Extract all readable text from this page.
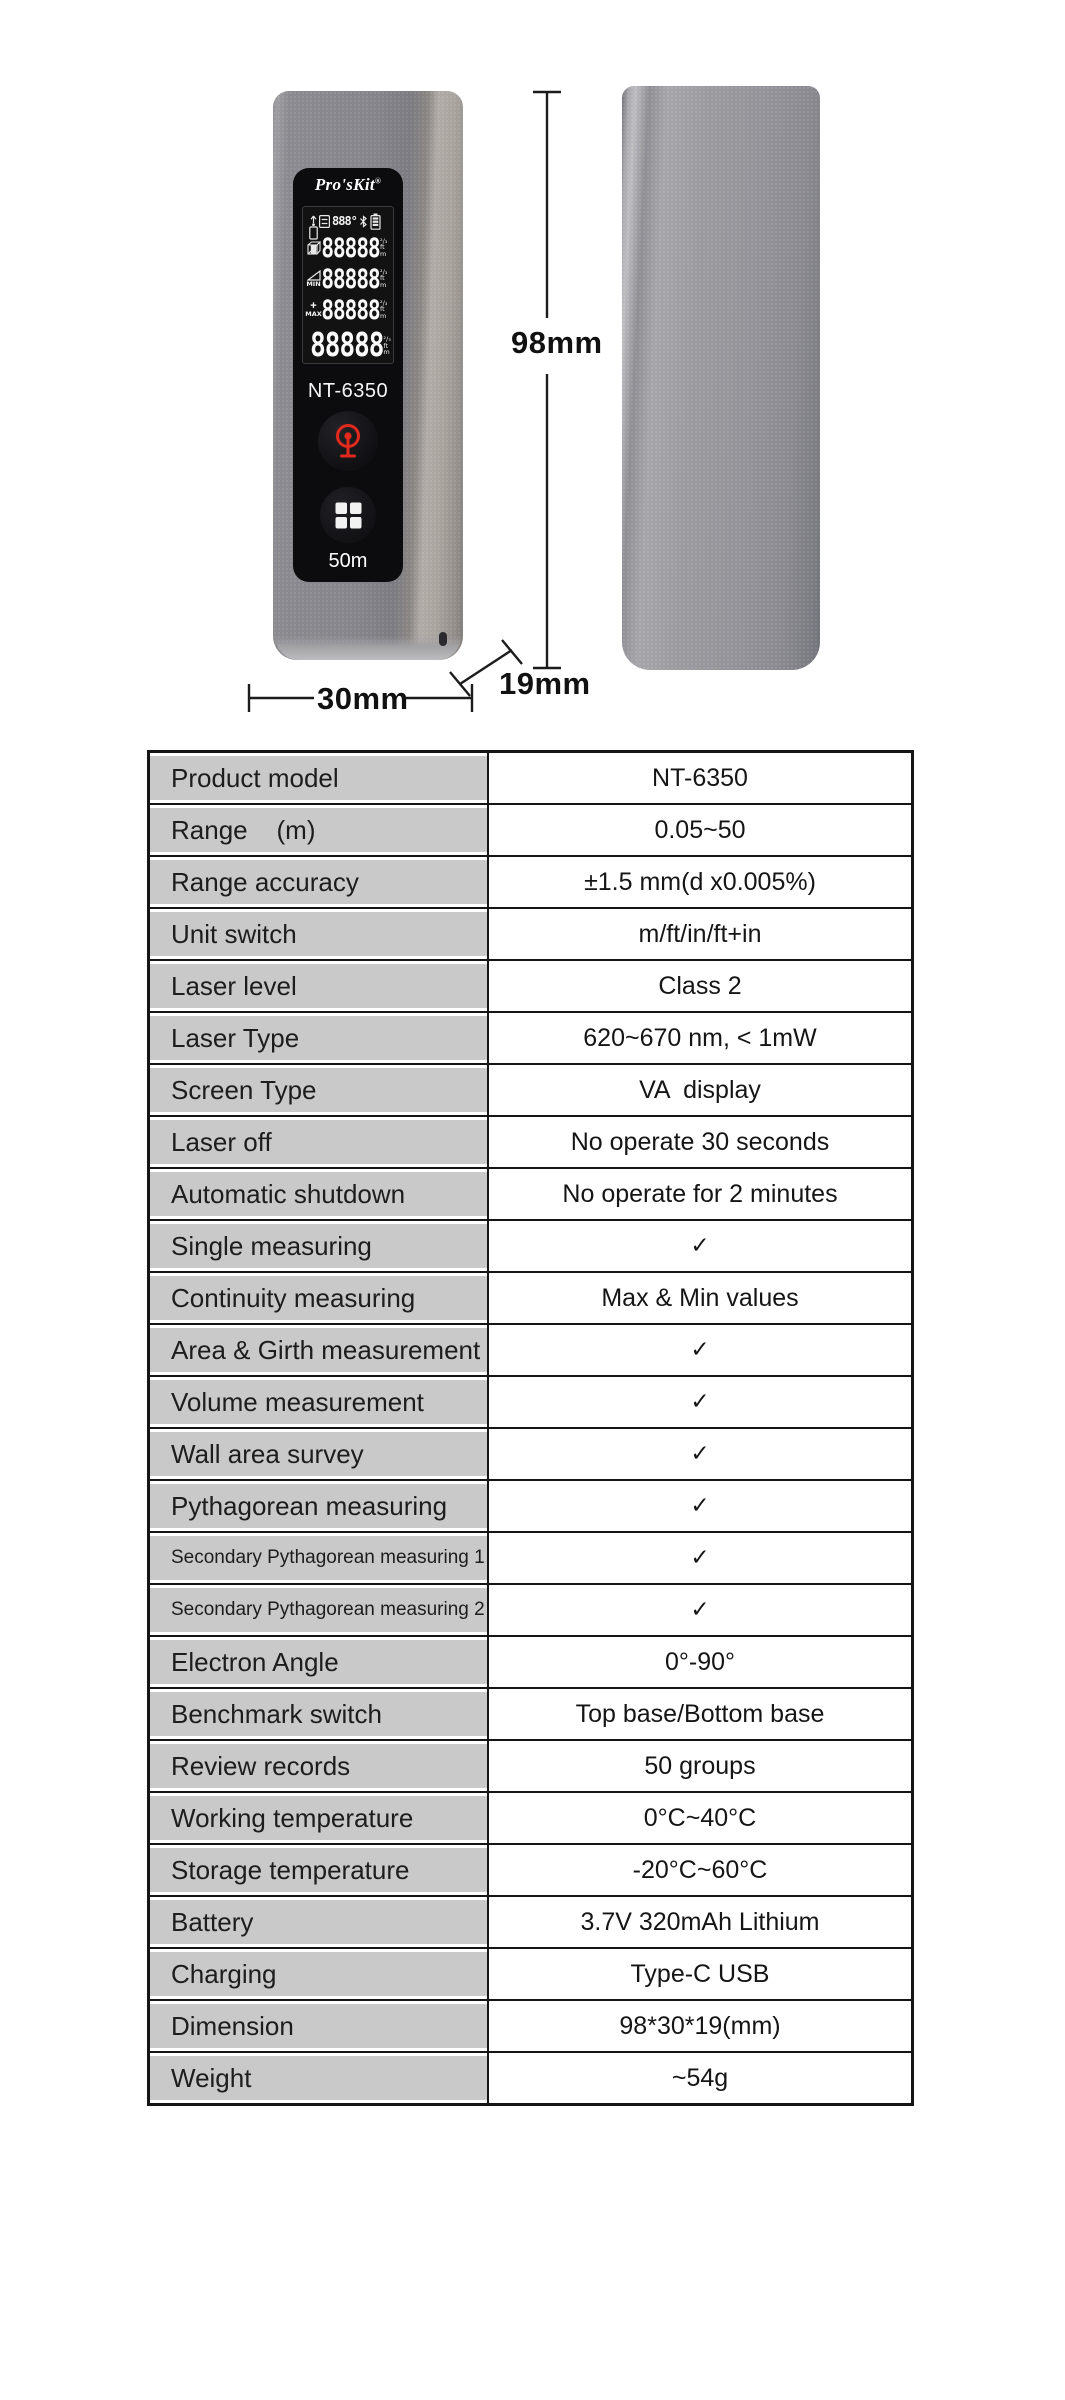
Pro'sKit®
888°
88888 ²/₃
ft
m
MIN 88888 ²/₃
ft
m
+
MAX 88888 ²/₃
ft
m
88888 ²/₃
ft
m
NT-6350
50m
98mm
30mm	19mm
Product model	NT-6350
Range    (m)	0.05~50
Range accuracy	±1.5 mm(d x0.005%)
Unit switch	m/ft/in/ft+in
Laser level	Class 2
Laser Type	620~670 nm, < 1mW
Screen Type	VA  display
Laser off	No operate 30 seconds
Automatic shutdown	No operate for 2 minutes
Single measuring	✓
Continuity measuring	Max & Min values
Area & Girth measurement	✓
Volume measurement	✓
Wall area survey	✓
Pythagorean measuring	✓
Secondary Pythagorean measuring 1	✓
Secondary Pythagorean measuring 2	✓
Electron Angle	0°-90°
Benchmark switch	Top base/Bottom base
Review records	50 groups
Working temperature	0°C~40°C
Storage temperature	-20°C~60°C
Battery	3.7V 320mAh Lithium
Charging	Type-C USB
Dimension	98*30*19(mm)
Weight	~54g
